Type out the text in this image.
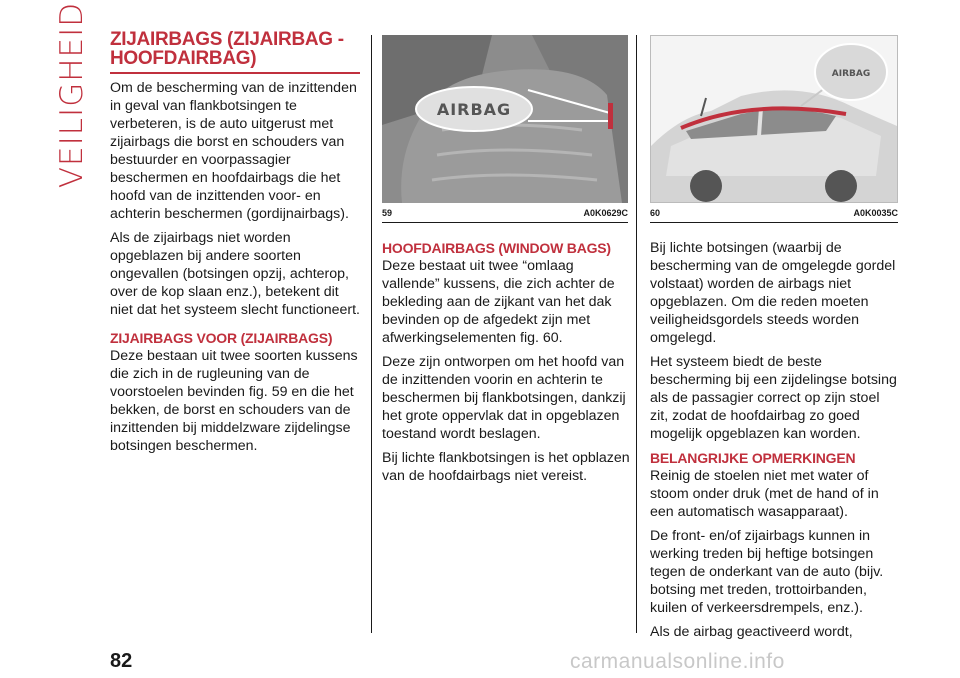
VEILIGHEID ZIJAIRBAGS (ZIJAIRBAG - HOOFDAIRBAG)

Om de bescherming van de inzittenden in geval van flankbotsingen te verbeteren, is de auto uitgerust met zijairbags die borst en schouders van bestuurder en voorpassagier beschermen en hoofdairbags die het hoofd van de inzittenden voor- en achterin beschermen (gordijnairbags).

Als de zijairbags niet worden opgeblazen bij andere soorten ongevallen (botsingen opzij, achterop, over de kop slaan enz.), betekent dit niet dat het systeem slecht functioneert.

ZIJAIRBAGS VOOR (ZIJAIRBAGS)

Deze bestaan uit twee soorten kussens die zich in de rugleuning van de voorstoelen bevinden fig. 59 en die het bekken, de borst en schouders van de inzittenden bij middelzware zijdelingse botsingen beschermen.

AIRBAG
59	A0K0629C
HOOFDAIRBAGS (WINDOW BAGS)

Deze bestaat uit twee “omlaag vallende” kussens, die zich achter de bekleding aan de zijkant van het dak bevinden op de afgedekt zijn met afwerkingselementen fig. 60.

Deze zijn ontworpen om het hoofd van de inzittenden voorin en achterin te beschermen bij flankbotsingen, dankzij het grote oppervlak dat in opgeblazen toestand wordt beslagen.

Bij lichte flankbotsingen is het opblazen van de hoofdairbags niet vereist.

AIRBAG
60	A0K0035C

Bij lichte botsingen (waarbij de bescherming van de omgelegde gordel volstaat) worden de airbags niet opgeblazen. Om die reden moeten veiligheidsgordels steeds worden omgelegd.

Het systeem biedt de beste bescherming bij een zijdelingse botsing als de passagier correct op zijn stoel zit, zodat de hoofdairbag zo goed mogelijk opgeblazen kan worden.

BELANGRIJKE OPMERKINGEN

Reinig de stoelen niet met water of stoom onder druk (met de hand of in een automatisch wasapparaat).

De front- en/of zijairbags kunnen in werking treden bij heftige botsingen tegen de onderkant van de auto (bijv. botsing met treden, trottoirbanden, kuilen of verkeersdrempels, enz.).

Als de airbag geactiveerd wordt,

82	carmanualsonline.info
